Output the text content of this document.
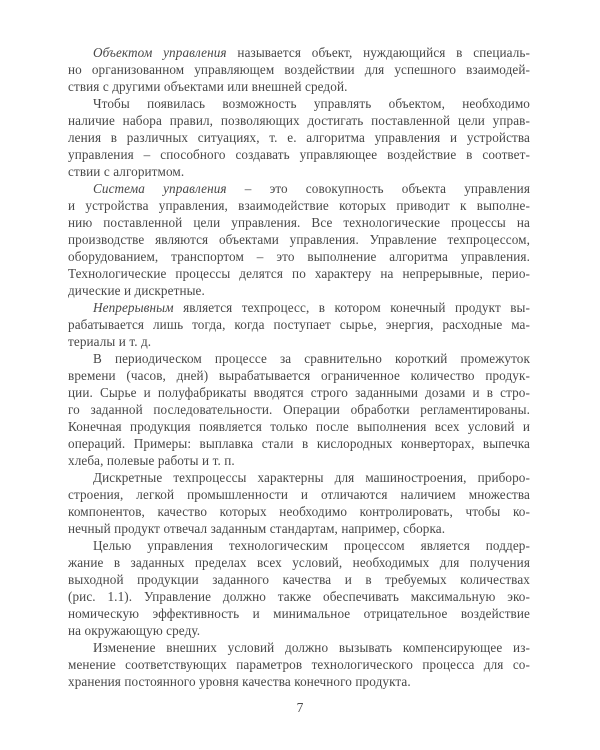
Объектом управления называется объект, нуждающийся в специаль-
но организованном управляющем воздействии для успешного взаимодей-
ствия с другими объектами или внешней средой.
Чтобы появилась возможность управлять объектом, необходимо
наличие набора правил, позволяющих достигать поставленной цели управ-
ления в различных ситуациях, т. е. алгоритма управления и устройства
управления – способного создавать управляющее воздействие в соответ-
ствии с алгоритмом.
Система управления – это совокупность объекта управления
и устройства управления, взаимодействие которых приводит к выполне-
нию поставленной цели управления. Все технологические процессы на
производстве являются объектами управления. Управление техпроцессом,
оборудованием, транспортом – это выполнение алгоритма управления.
Технологические процессы делятся по характеру на непрерывные, перио-
дические и дискретные.
Непрерывным является техпроцесс, в котором конечный продукт вы-
рабатывается лишь тогда, когда поступает сырье, энергия, расходные ма-
териалы и т. д.
В периодическом процессе за сравнительно короткий промежуток
времени (часов, дней) вырабатывается ограниченное количество продук-
ции. Сырье и полуфабрикаты вводятся строго заданными дозами и в стро-
го заданной последовательности. Операции обработки регламентированы.
Конечная продукция появляется только после выполнения всех условий и
операций. Примеры: выплавка стали в кислородных конверторах, выпечка
хлеба, полевые работы и т. п.
Дискретные техпроцессы характерны для машиностроения, приборо-
строения, легкой промышленности и отличаются наличием множества
компонентов, качество которых необходимо контролировать, чтобы ко-
нечный продукт отвечал заданным стандартам, например, сборка.
Целью управления технологическим процессом является поддер-
жание в заданных пределах всех условий, необходимых для получения
выходной продукции заданного качества и в требуемых количествах
(рис. 1.1). Управление должно также обеспечивать максимальную эко-
номическую эффективность и минимальное отрицательное воздействие
на окружающую среду.
Изменение внешних условий должно вызывать компенсирующее из-
менение соответствующих параметров технологического процесса для со-
хранения постоянного уровня качества конечного продукта.
7
